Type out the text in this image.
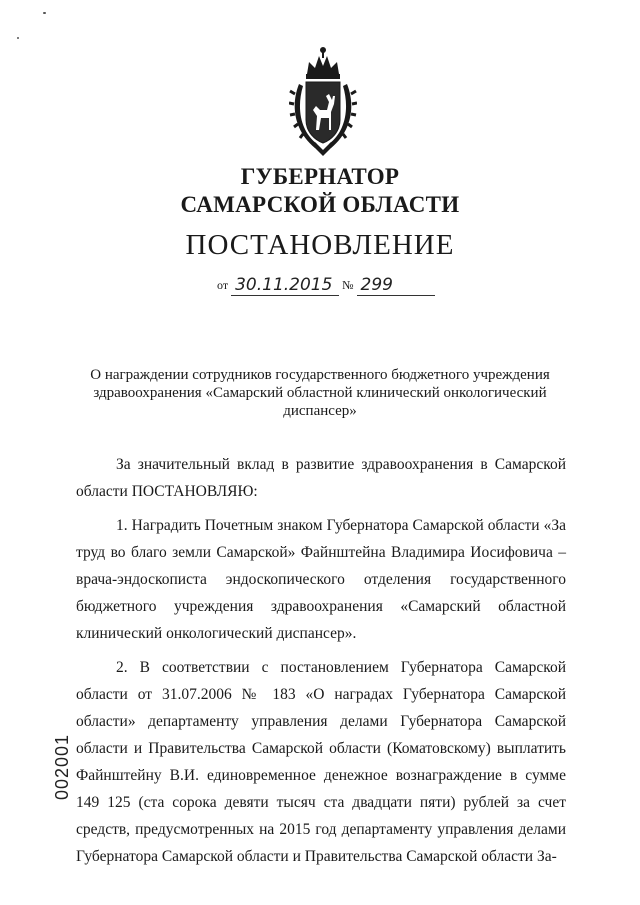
ГУБЕРНАТОР
САМАРСКОЙ ОБЛАСТИ
ПОСТАНОВЛЕНИЕ
от 30.11.2015 № 299
О награждении сотрудников государственного бюджетного учреждения здравоохранения «Самарский областной клинический онкологический диспансер»

За значительный вклад в развитие здравоохранения в Самарской области ПОСТАНОВЛЯЮ:

1. Наградить Почетным знаком Губернатора Самарской области «За труд во благо земли Самарской» Файнштейна Владимира Иосифовича – врача-эндоскописта эндоскопического отделения государственного бюджетного учреждения здравоохранения «Самарский областной клинический онкологический диспансер».

2. В соответствии с постановлением Губернатора Самарской области от 31.07.2006 № 183 «О наградах Губернатора Самарской области» департаменту управления делами Губернатора Самарской области и Правительства Самарской области (Коматовскому) выплатить Файнштейну В.И. единовременное денежное вознаграждение в сумме 149 125 (ста сорока девяти тысяч ста двадцати пяти) рублей за счет средств, предусмотренных на 2015 год департаменту управления делами Губернатора Самарской области и Правительства Самарской области За-

002001
